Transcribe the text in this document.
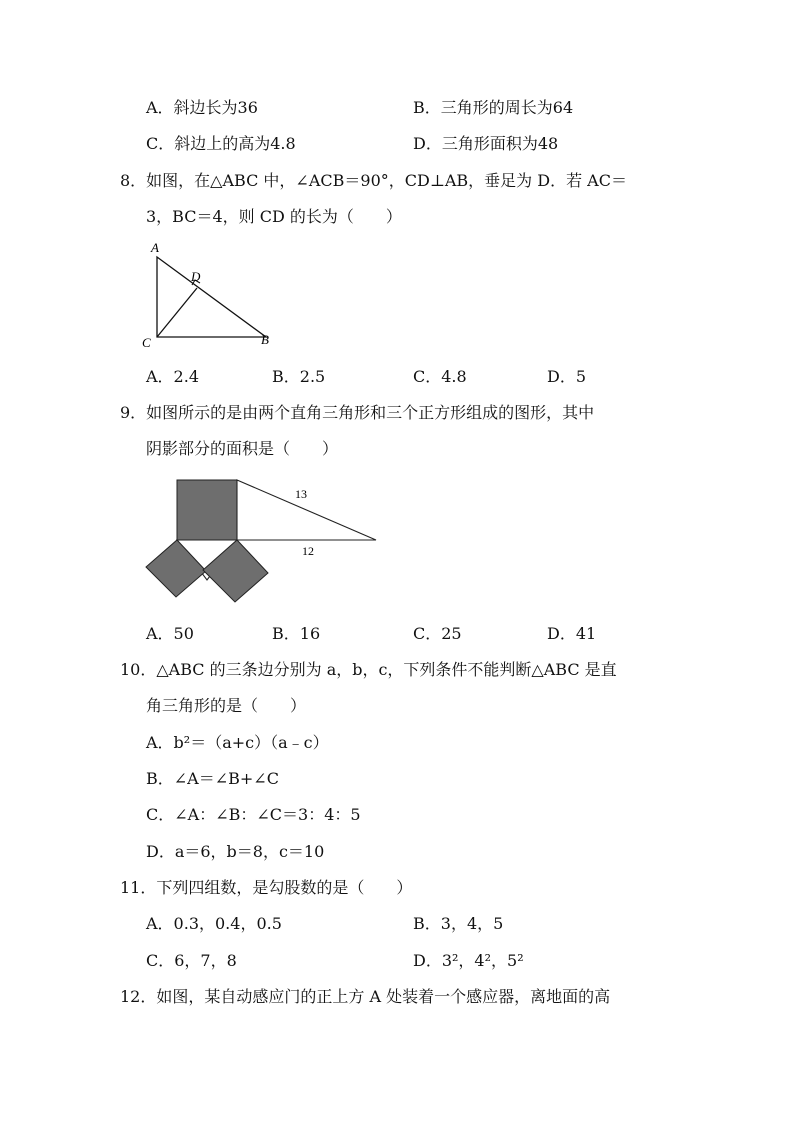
A．斜边长为36	B．三角形的周长为64
C．斜边上的高为4.8	D．三角形面积为48
8．如图，在△ABC 中，∠ACB＝90°，CD⊥AB，垂足为 D．若 AC＝
3，BC＝4，则 CD 的长为（　　）
A
D
C	B
A．2.4	B．2.5	C．4.8	D．5
9．如图所示的是由两个直角三角形和三个正方形组成的图形，其中
阴影部分的面积是（　　）
13
12
A．50	B．16	C．25	D．41
10．△ABC 的三条边分别为 a，b，c，下列条件不能判断△ABC 是直
角三角形的是（　　）
A．b²＝（a+c）（a﹣c）
B．∠A＝∠B+∠C
C．∠A：∠B：∠C＝3：4：5
D．a＝6，b＝8，c＝10
11．下列四组数，是勾股数的是（　　）
A．0.3，0.4，0.5	B．3，4，5
C．6，7，8	D．3²，4²，5²
12．如图，某自动感应门的正上方 A 处装着一个感应器，离地面的高
